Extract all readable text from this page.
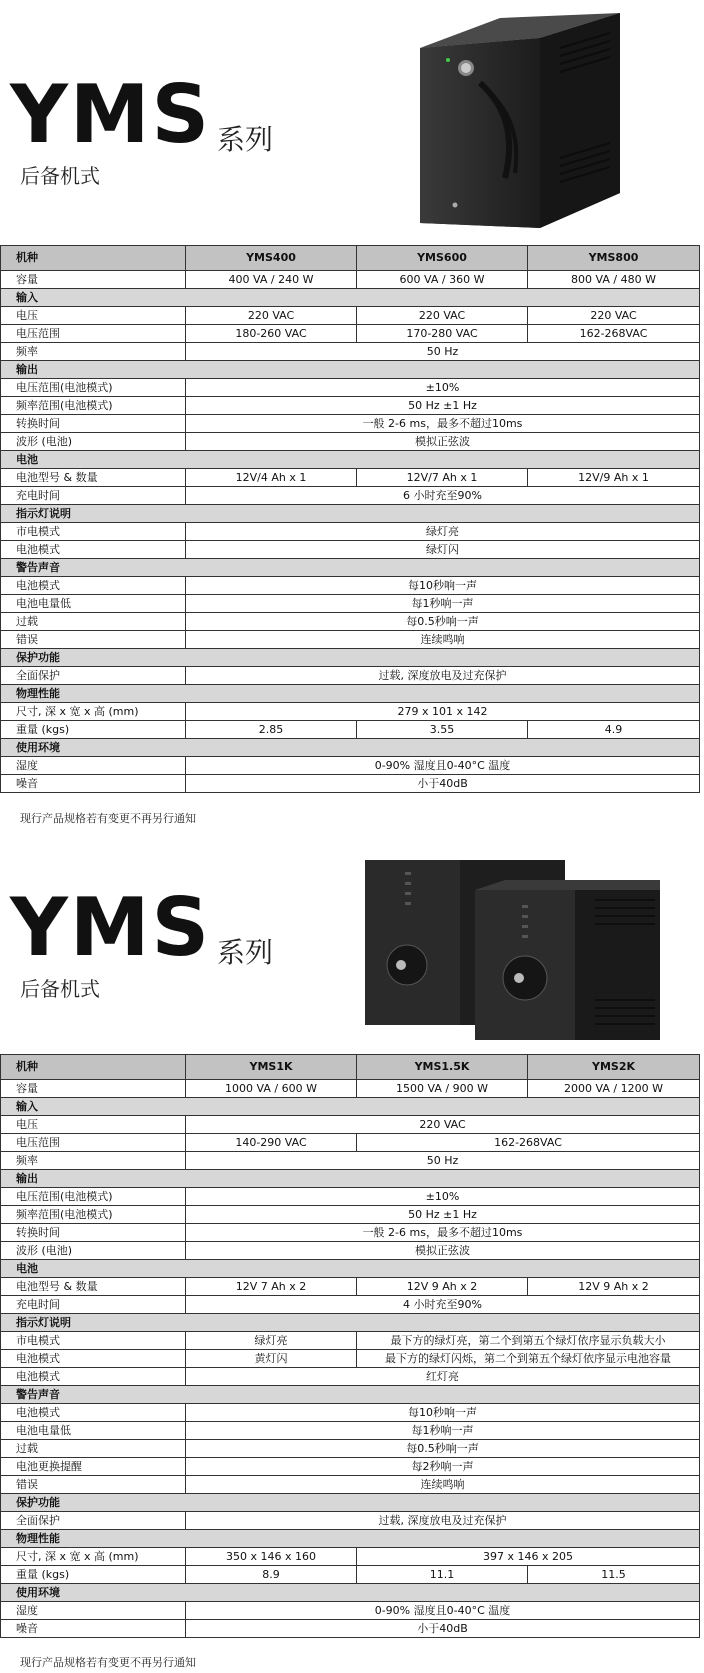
YMS 系列
后备机式
机种	YMS400	YMS600	YMS800
容量	400 VA / 240 W	600 VA / 360 W	800 VA / 480 W
输入			
电压	220 VAC	220 VAC	220 VAC
电压范围	180-260 VAC	170-280 VAC	162-268VAC
频率	50 Hz		
输出			
电压范围(电池模式)	±10%		
频率范围(电池模式)	50 Hz ±1 Hz		
转换时间	一般 2-6 ms，最多不超过10ms		
波形 (电池)	模拟正弦波		
电池			
电池型号 & 数量	12V/4 Ah x 1	12V/7 Ah x 1	12V/9 Ah x 1
充电时间	6 小时充至90%		
指示灯说明			
市电模式	绿灯亮		
电池模式	绿灯闪		
警告声音			
电池模式	每10秒响一声		
电池电量低	每1秒响一声		
过载	每0.5秒响一声		
错误	连续鸣响		
保护功能			
全面保护	过载, 深度放电及过充保护		
物理性能			
尺寸, 深 x 宽 x 高 (mm)	279 x 101 x 142		
重量 (kgs)	2.85	3.55	4.9
使用环境			
湿度	0-90% 湿度且0-40°C 温度		
噪音	小于40dB		
现行产品规格若有变更不再另行通知
YMS 系列
后备机式
机种	YMS1K	YMS1.5K	YMS2K
容量	1000 VA / 600 W	1500 VA / 900 W	2000 VA / 1200 W
输入			
电压	220 VAC		
电压范围	140-290 VAC	162-268VAC	
频率	50 Hz		
输出			
电压范围(电池模式)	±10%		
频率范围(电池模式)	50 Hz ±1 Hz		
转换时间	一般 2-6 ms，最多不超过10ms		
波形 (电池)	模拟正弦波		
电池			
电池型号 & 数量	12V 7 Ah x 2	12V 9 Ah x 2	12V 9 Ah x 2
充电时间	4 小时充至90%		
指示灯说明			
市电模式	绿灯亮	最下方的绿灯亮，第二个到第五个绿灯依序显示负载大小	
电池模式	黄灯闪	最下方的绿灯闪烁，第二个到第五个绿灯依序显示电池容量	
电池模式	红灯亮		
警告声音			
电池模式	每10秒响一声		
电池电量低	每1秒响一声		
过载	每0.5秒响一声		
电池更换提醒	每2秒响一声		
错误	连续鸣响		
保护功能			
全面保护	过载, 深度放电及过充保护		
物理性能			
尺寸, 深 x 宽 x 高 (mm)	350 x 146 x 160	397 x 146 x 205	
重量 (kgs)	8.9	11.1	11.5
使用环境			
湿度	0-90% 湿度且0-40°C 温度		
噪音	小于40dB		
现行产品规格若有变更不再另行通知
